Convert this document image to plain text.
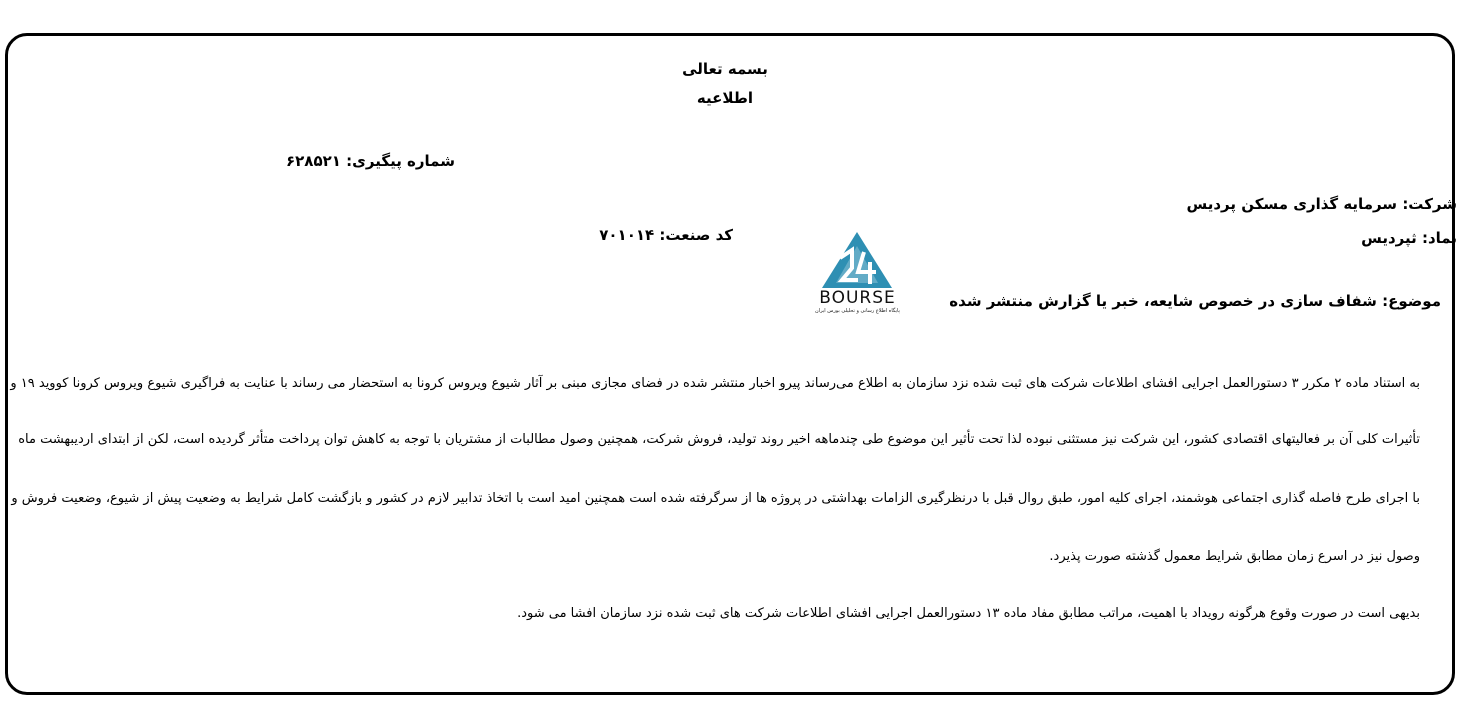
بسمه تعالی
اطلاعیه
شماره پیگیری: ۶۲۸۵۲۱
شرکت: سرمایه گذاری مسکن پردیس
نماد: ثپردیس
کد صنعت: ۷۰۱۰۱۴
موضوع: شفاف سازی در خصوص شایعه، خبر یا گزارش منتشر شده
BOURSE
پایگاه اطلاع رسانی و تحلیلی بورس ایران
به استناد ماده ۲ مکرر ۳ دستورالعمل اجرایی افشای اطلاعات شرکت های ثبت شده نزد سازمان به اطلاع می‌رساند پیرو اخبار منتشر شده در فضای مجازی مبنی بر آثار شیوع ویروس کرونا به استحضار می رساند با عنایت به فراگیری شیوع ویروس کرونا کووید ۱۹ و
تأثیرات کلی آن بر فعالیتهای اقتصادی کشور، این شرکت نیز مستثنی نبوده لذا تحت تأثیر این موضوع طی چندماهه اخیر روند تولید، فروش شرکت، همچنین وصول مطالبات از مشتریان با توجه به کاهش توان پرداخت متأثر گردیده است، لکن از ابتدای اردیبهشت ماه
با اجرای طرح فاصله گذاری اجتماعی هوشمند، اجرای کلیه امور، طبق روال قبل با درنظرگیری الزامات بهداشتی در پروژه ها از سرگرفته شده است همچنین امید است با اتخاذ تدابیر لازم در کشور و بازگشت کامل شرایط به وضعیت پیش از شیوع، وضعیت فروش و
وصول نیز در اسرع زمان مطابق شرایط معمول گذشته صورت پذیرد.
بدیهی است در صورت وقوع هرگونه رویداد با اهمیت، مراتب مطابق مفاد ماده ۱۳ دستورالعمل اجرایی افشای اطلاعات شرکت های ثبت شده نزد سازمان افشا می شود.
